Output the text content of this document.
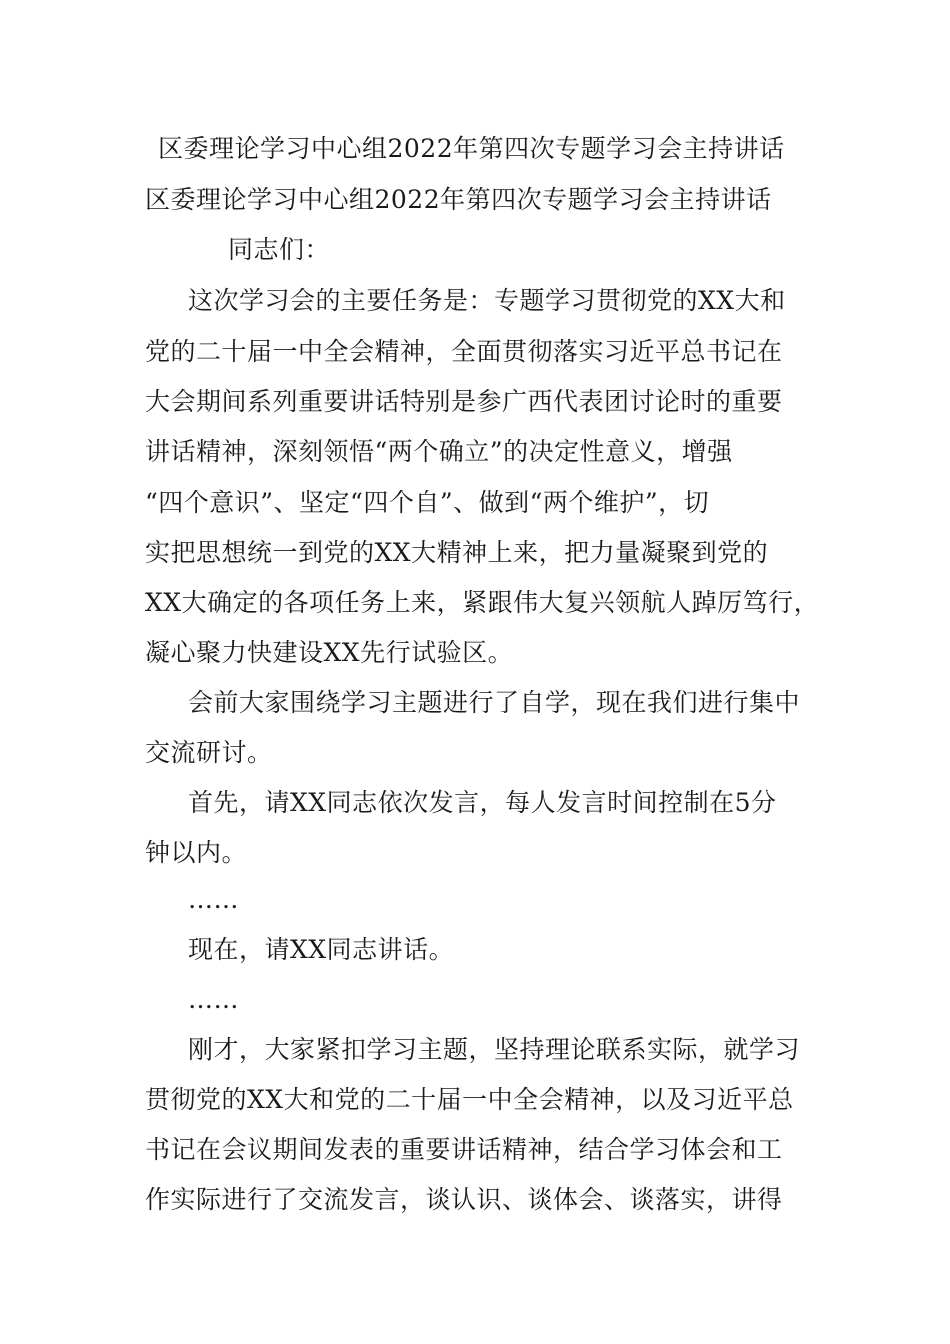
区委理论学习中心组2022年第四次专题学习会主持讲话
区委理论学习中心组2022年第四次专题学习会主持讲话
同志们：
这次学习会的主要任务是：专题学习贯彻党的XX大和
党的二十届一中全会精神，全面贯彻落实习近平总书记在
大会期间系列重要讲话特别是参广西代表团讨论时的重要
讲话精神，深刻领悟“两个确立”的决定性意义，增强
“四个意识”、坚定“四个自”、做到“两个维护”，切
实把思想统一到党的XX大精神上来，把力量凝聚到党的
XX大确定的各项任务上来，紧跟伟大复兴领航人踔厉笃行，
凝心聚力快建设XX先行试验区。
会前大家围绕学习主题进行了自学，现在我们进行集中
交流研讨。
首先，请XX同志依次发言，每人发言时间控制在5分
钟以内。
……
现在，请XX同志讲话。
……
刚才，大家紧扣学习主题，坚持理论联系实际，就学习
贯彻党的XX大和党的二十届一中全会精神，以及习近平总
书记在会议期间发表的重要讲话精神，结合学习体会和工
作实际进行了交流发言，谈认识、谈体会、谈落实，讲得
